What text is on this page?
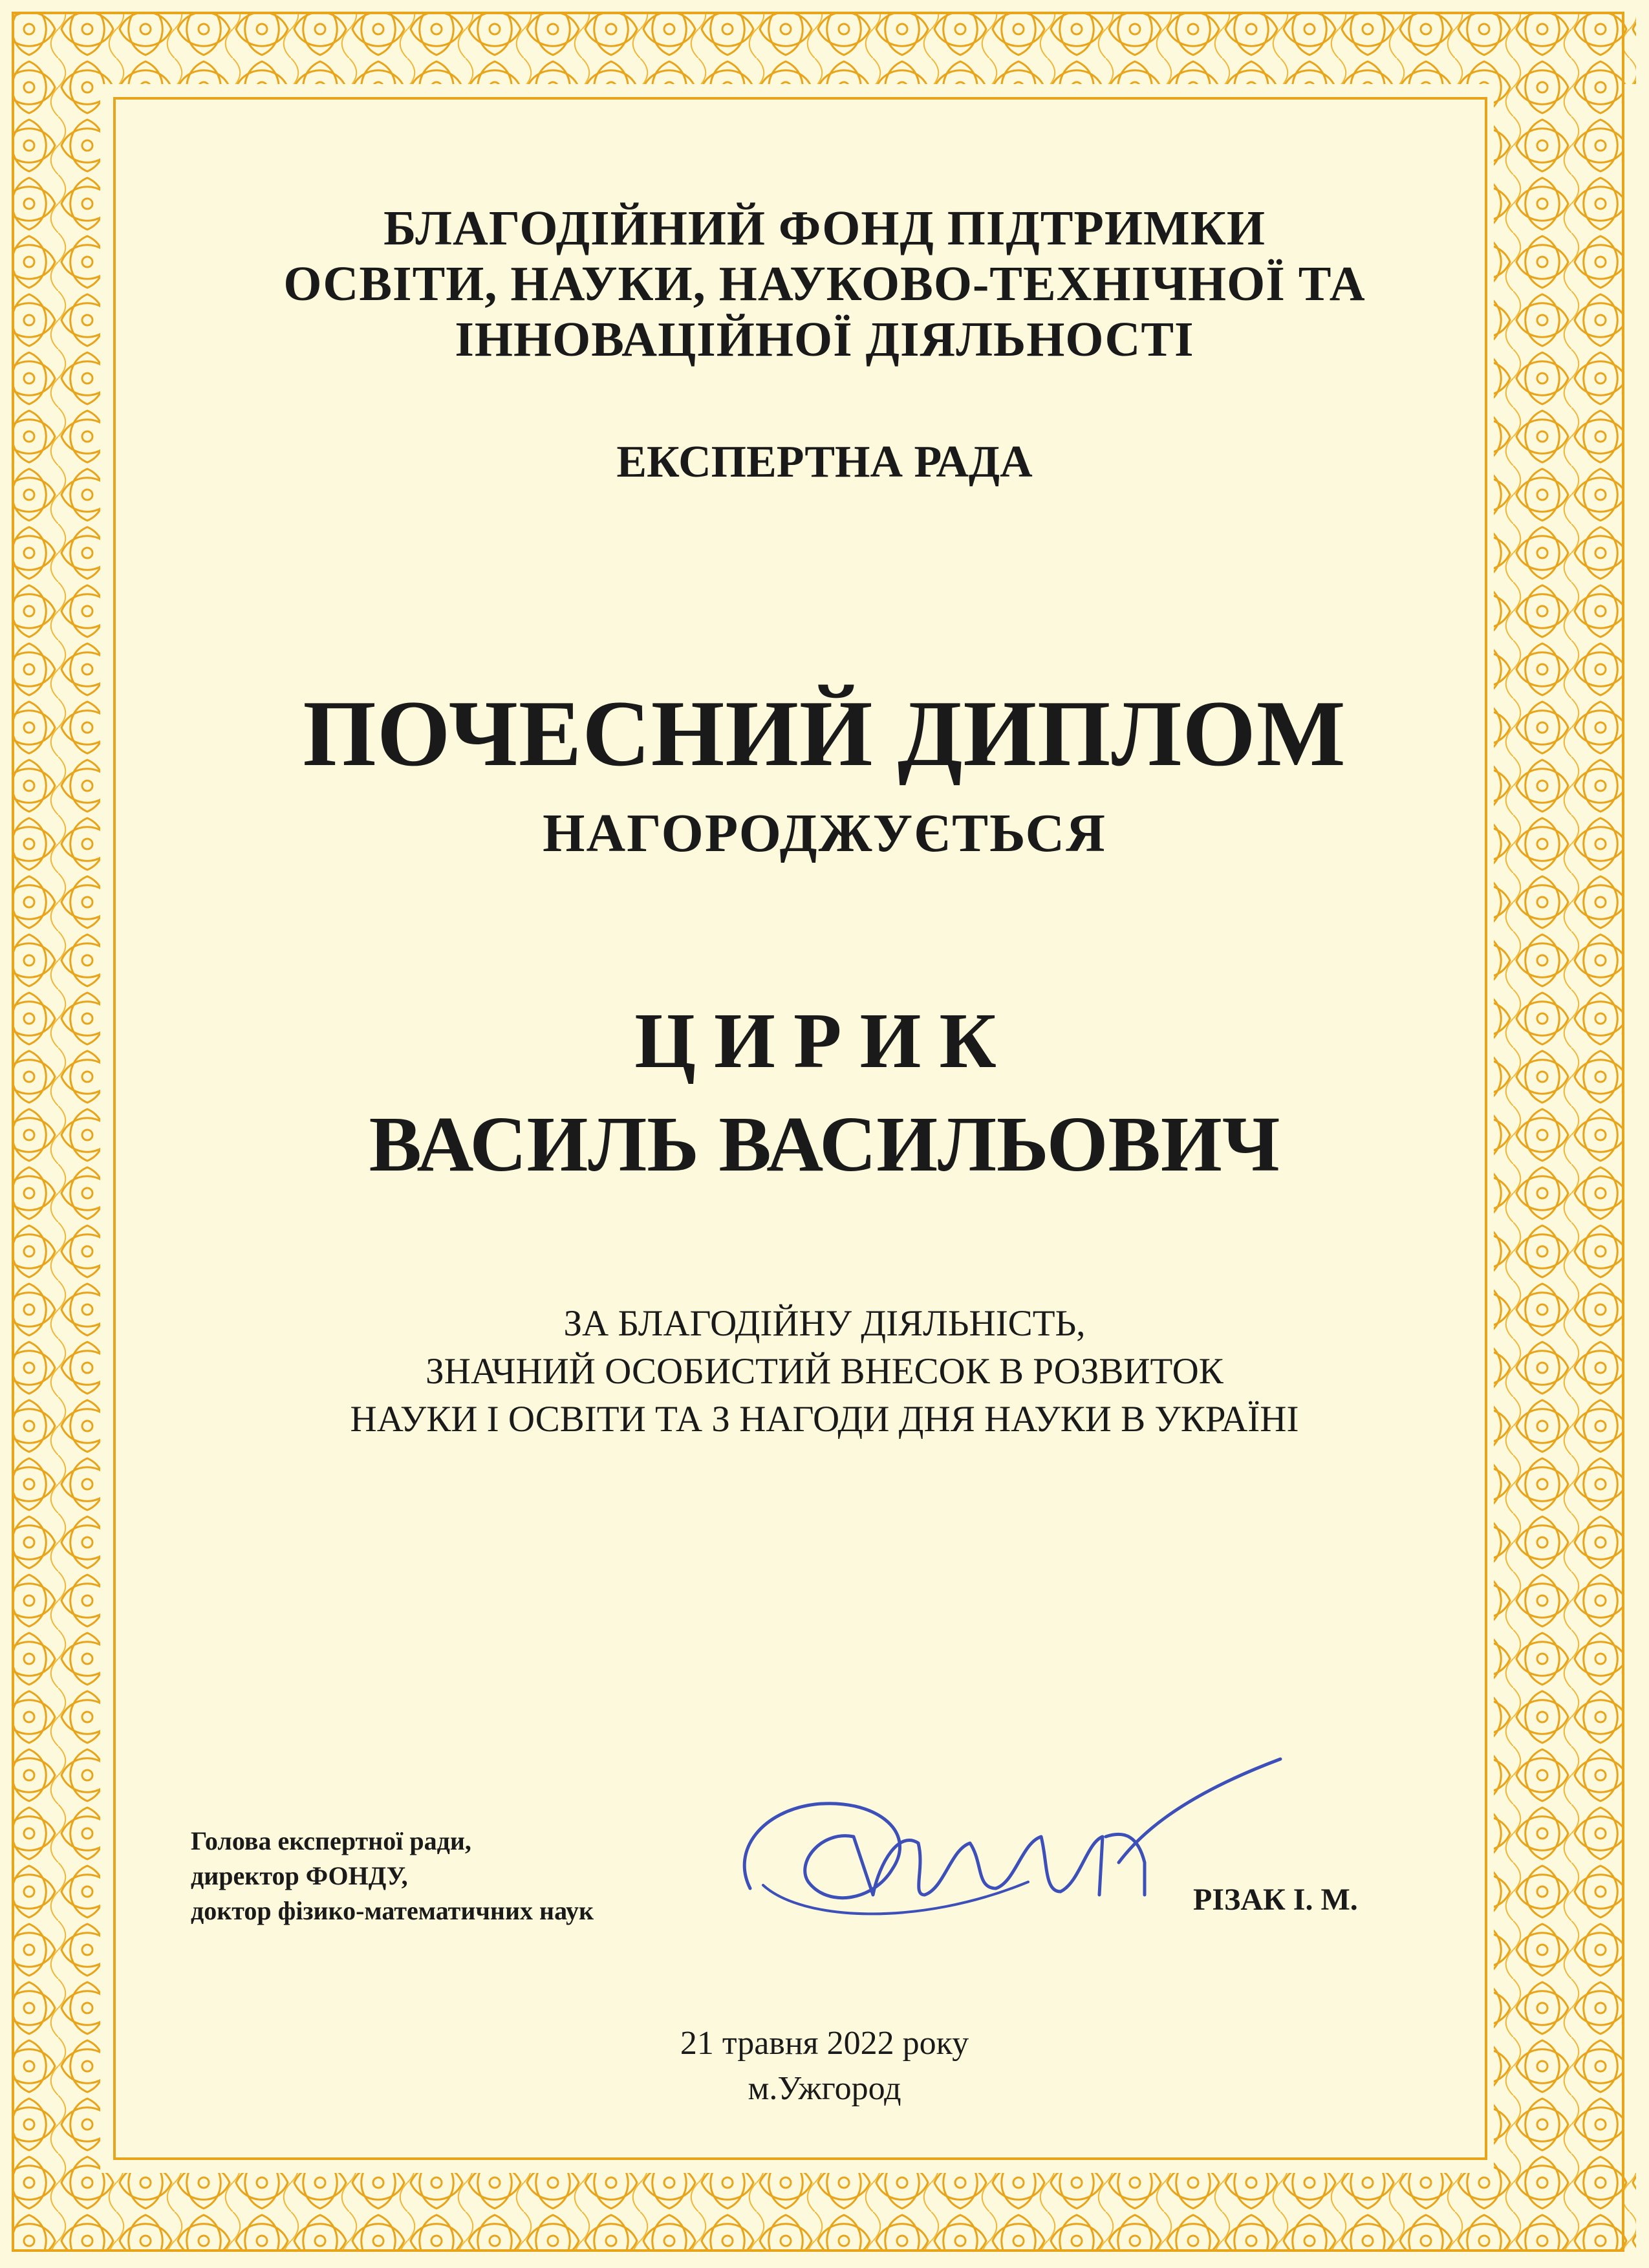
БЛАГОДІЙНИЙ ФОНД ПІДТРИМКИ
ОСВІТИ, НАУКИ, НАУКОВО-ТЕХНІЧНОЇ ТА
ІННОВАЦІЙНОЇ ДІЯЛЬНОСТІ
ЕКСПЕРТНА РАДА
ПОЧЕСНИЙ ДИПЛОМ
НАГОРОДЖУЄТЬСЯ
ЦИРИК
ВАСИЛЬ ВАСИЛЬОВИЧ
ЗА БЛАГОДІЙНУ ДІЯЛЬНІСТЬ,
ЗНАЧНИЙ ОСОБИСТИЙ ВНЕСОК В РОЗВИТОК
НАУКИ І ОСВІТИ ТА З НАГОДИ ДНЯ НАУКИ В УКРАЇНІ
Голова експертної ради,
директор ФОНДУ,
доктор фізико-математичних наук	РІЗАК І. М.
21 травня 2022 року
м.Ужгород
